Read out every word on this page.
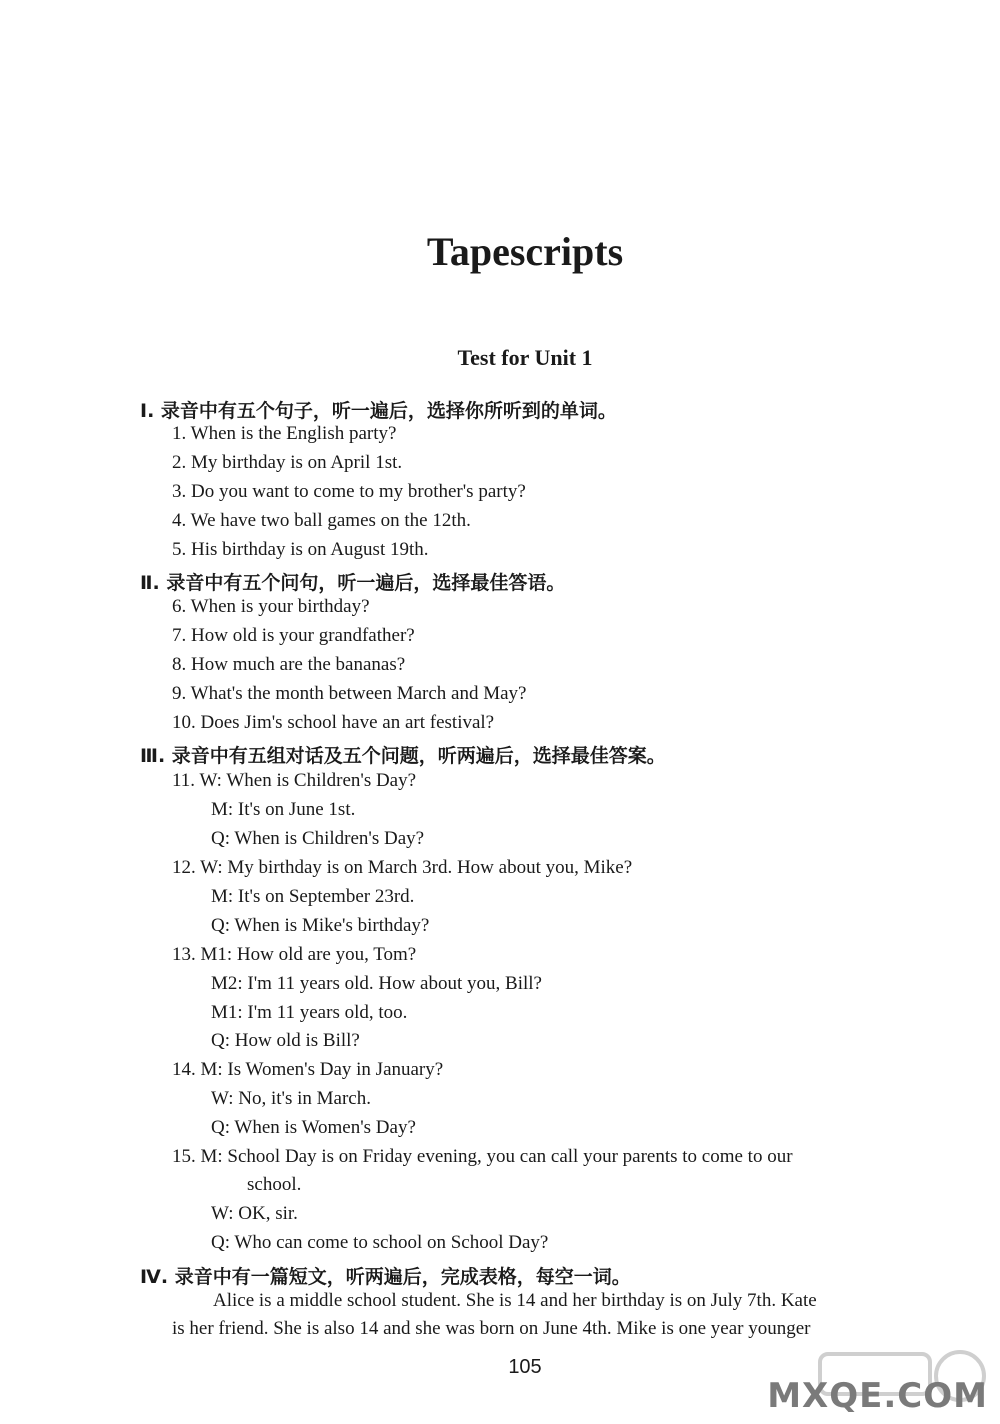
Tapescripts
Test for Unit 1
Ⅰ. 录音中有五个句子，听一遍后，选择你所听到的单词。
1. When is the English party?
2. My birthday is on April 1st.
3. Do you want to come to my brother's party?
4. We have two ball games on the 12th.
5. His birthday is on August 19th.
Ⅱ. 录音中有五个问句，听一遍后，选择最佳答语。
6. When is your birthday?
7. How old is your grandfather?
8. How much are the bananas?
9. What's the month between March and May?
10. Does Jim's school have an art festival?
Ⅲ. 录音中有五组对话及五个问题，听两遍后，选择最佳答案。
11. W: When is Children's Day?
M: It's on June 1st.
Q: When is Children's Day?
12. W: My birthday is on March 3rd. How about you, Mike?
M: It's on September 23rd.
Q: When is Mike's birthday?
13. M1: How old are you, Tom?
M2: I'm 11 years old. How about you, Bill?
M1: I'm 11 years old, too.
Q: How old is Bill?
14. M: Is Women's Day in January?
W: No, it's in March.
Q: When is Women's Day?
15. M: School Day is on Friday evening, you can call your parents to come to our
school.
W: OK, sir.
Q: Who can come to school on School Day?
Ⅳ. 录音中有一篇短文，听两遍后，完成表格，每空一词。
Alice is a middle school student. She is 14 and her birthday is on July 7th. Kate
is her friend. She is also 14 and she was born on June 4th. Mike is one year younger
105
MXQE.COM
